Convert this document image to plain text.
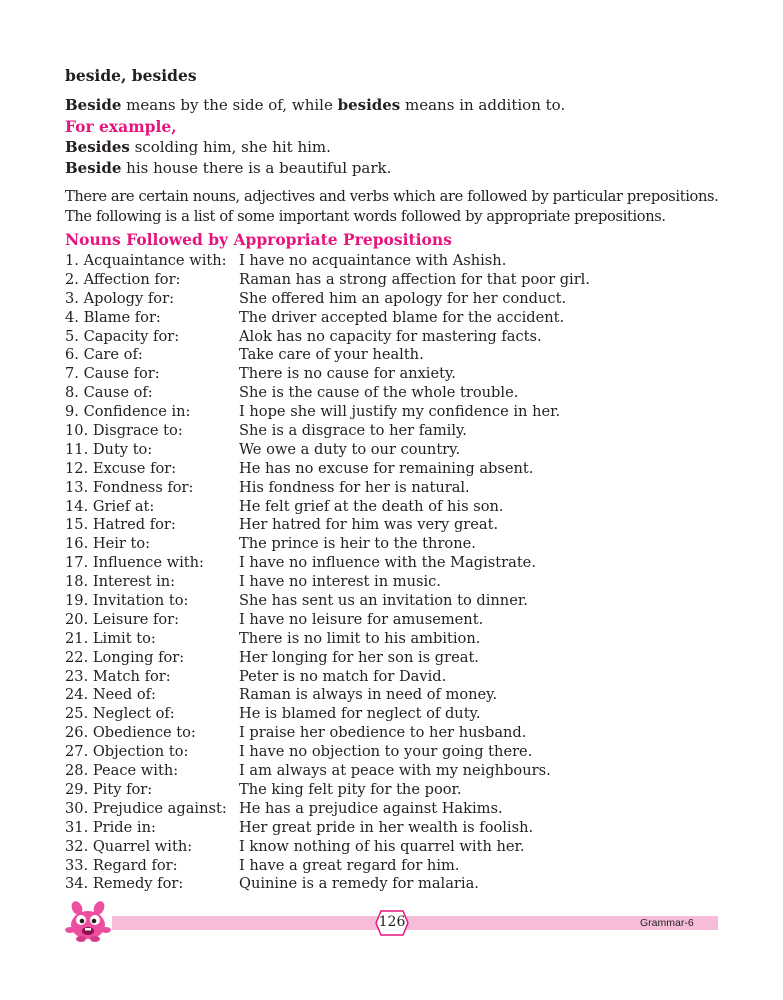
beside, besides
Beside means by the side of, while besides means in addition to.
For example,
Besides scolding him, she hit him.
Beside his house there is a beautiful park.
There are certain nouns, adjectives and verbs which are followed by particular prepositions.
The following is a list of some important words followed by appropriate prepositions.
Nouns Followed by Appropriate Prepositions
1. Acquaintance with: I have no acquaintance with Ashish.
2. Affection for:	Raman has a strong affection for that poor girl.
3. Apology for:	She offered him an apology for her conduct.
4. Blame for:	The driver accepted blame for the accident.
5. Capacity for:	Alok has no capacity for mastering facts.
6. Care of:	Take care of your health.
7. Cause for:	There is no cause for anxiety.
8. Cause of:	She is the cause of the whole trouble.
9. Confidence in:	I hope she will justify my confidence in her.
10. Disgrace to:	She is a disgrace to her family.
11. Duty to:	We owe a duty to our country.
12. Excuse for:	He has no excuse for remaining absent.
13. Fondness for:	His fondness for her is natural.
14. Grief at:	He felt grief at the death of his son.
15. Hatred for:	Her hatred for him was very great.
16. Heir to:	The prince is heir to the throne.
17. Influence with: I have no influence with the Magistrate.
18. Interest in:	I have no interest in music.
19. Invitation to:	She has sent us an invitation to dinner.
20. Leisure for:	I have no leisure for amusement.
21. Limit to:	There is no limit to his ambition.
22. Longing for:	Her longing for her son is great.
23. Match for:	Peter is no match for David.
24. Need of:	Raman is always in need of money.
25. Neglect of:	He is blamed for neglect of duty.
26. Obedience to:	I praise her obedience to her husband.
27. Objection to:	I have no objection to your going there.
28. Peace with:	I am always at peace with my neighbours.
29. Pity for:	The king felt pity for the poor.
30. Prejudice against: He has a prejudice against Hakims.
31. Pride in:	Her great pride in her wealth is foolish.
32. Quarrel with:	I know nothing of his quarrel with her.
33. Regard for:	I have a great regard for him.
34. Remedy for:	Quinine is a remedy for malaria.
126	Grammar-6
